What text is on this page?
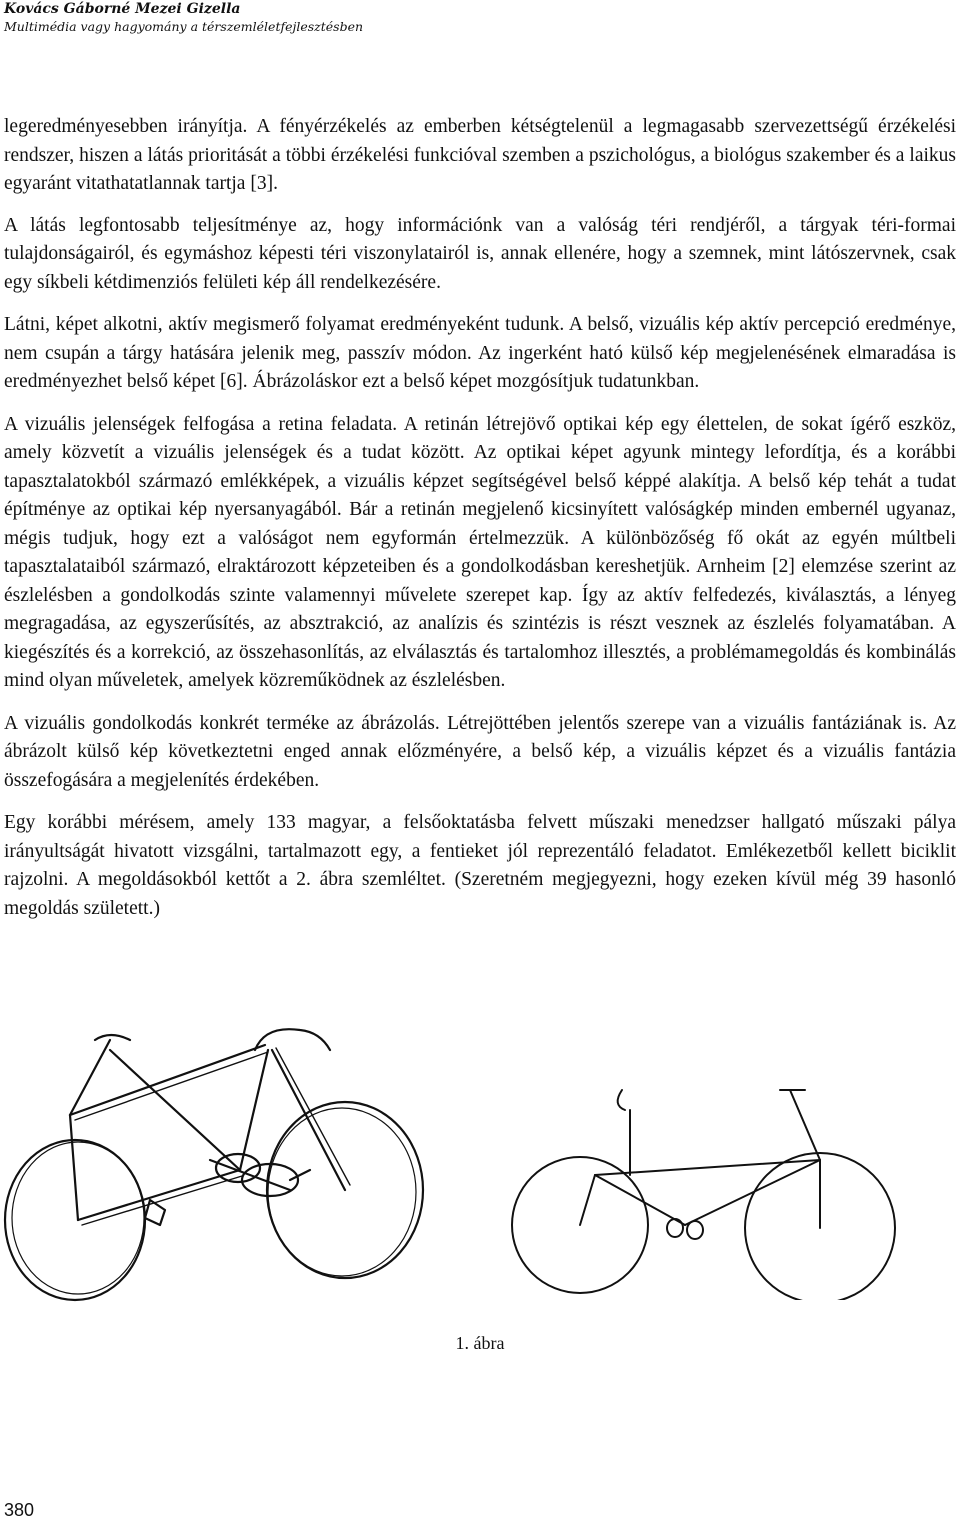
Kovács Gáborné Mezei Gizella
Multimédia vagy hagyomány a térszemléletfejlesztésben

legeredményesebben irányítja. A fényérzékelés az emberben kétségtelenül a legmagasabb szervezettségű érzékelési rendszer, hiszen a látás prioritását a többi érzékelési funkcióval szemben a pszichológus, a biológus szakember és a laikus egyaránt vitathatatlannak tartja [3].

A látás legfontosabb teljesítménye az, hogy információnk van a valóság téri rendjéről, a tárgyak téri-formai tulajdonságairól, és egymáshoz képesti téri viszonylatairól is, annak ellenére, hogy a szemnek, mint látószervnek, csak egy síkbeli kétdimenziós felületi kép áll rendelkezésére.

Látni, képet alkotni, aktív megismerő folyamat eredményeként tudunk. A belső, vizuális kép aktív percepció eredménye, nem csupán a tárgy hatására jelenik meg, passzív módon. Az ingerként ható külső kép megjelenésének elmaradása is eredményezhet belső képet [6]. Ábrázoláskor ezt a belső képet mozgósítjuk tudatunkban.

A vizuális jelenségek felfogása a retina feladata. A retinán létrejövő optikai kép egy élettelen, de sokat ígérő eszköz, amely közvetít a vizuális jelenségek és a tudat között. Az optikai képet agyunk mintegy lefordítja, és a korábbi tapasztalatokból származó emlékképek, a vizuális képzet segítségével belső képpé alakítja. A belső kép tehát a tudat építménye az optikai kép nyersanyagából. Bár a retinán megjelenő kicsinyített valóságkép minden embernél ugyanaz, mégis tudjuk, hogy ezt a valóságot nem egyformán értelmezzük. A különbözőség fő okát az egyén múltbeli tapasztalataiból származó, elraktározott képzeteiben és a gondolkodásban kereshetjük. Arnheim [2] elemzése szerint az észlelésben a gondolkodás szinte valamennyi művelete szerepet kap. Így az aktív felfedezés, kiválasztás, a lényeg megragadása, az egyszerűsítés, az absztrakció, az analízis és szintézis is részt vesznek az észlelés folyamatában. A kiegészítés és a korrekció, az összehasonlítás, az elválasztás és tartalomhoz illesztés, a problémamegoldás és kombinálás mind olyan műveletek, amelyek közreműködnek az észlelésben.

A vizuális gondolkodás konkrét terméke az ábrázolás. Létrejöttében jelentős szerepe van a vizuális fantáziának is. Az ábrázolt külső kép következtetni enged annak előzményére, a belső kép, a vizuális képzet és a vizuális fantázia összefogására a megjelenítés érdekében.

Egy korábbi mérésem, amely 133 magyar, a felsőoktatásba felvett műszaki menedzser hallgató műszaki pálya irányultságát hivatott vizsgálni, tartalmazott egy, a fentieket jól reprezentáló feladatot. Emlékezetből kellett biciklit rajzolni. A megoldásokból kettőt a 2. ábra szemléltet. (Szeretném megjegyezni, hogy ezeken kívül még 39 hasonló megoldás született.)

1. ábra
380
